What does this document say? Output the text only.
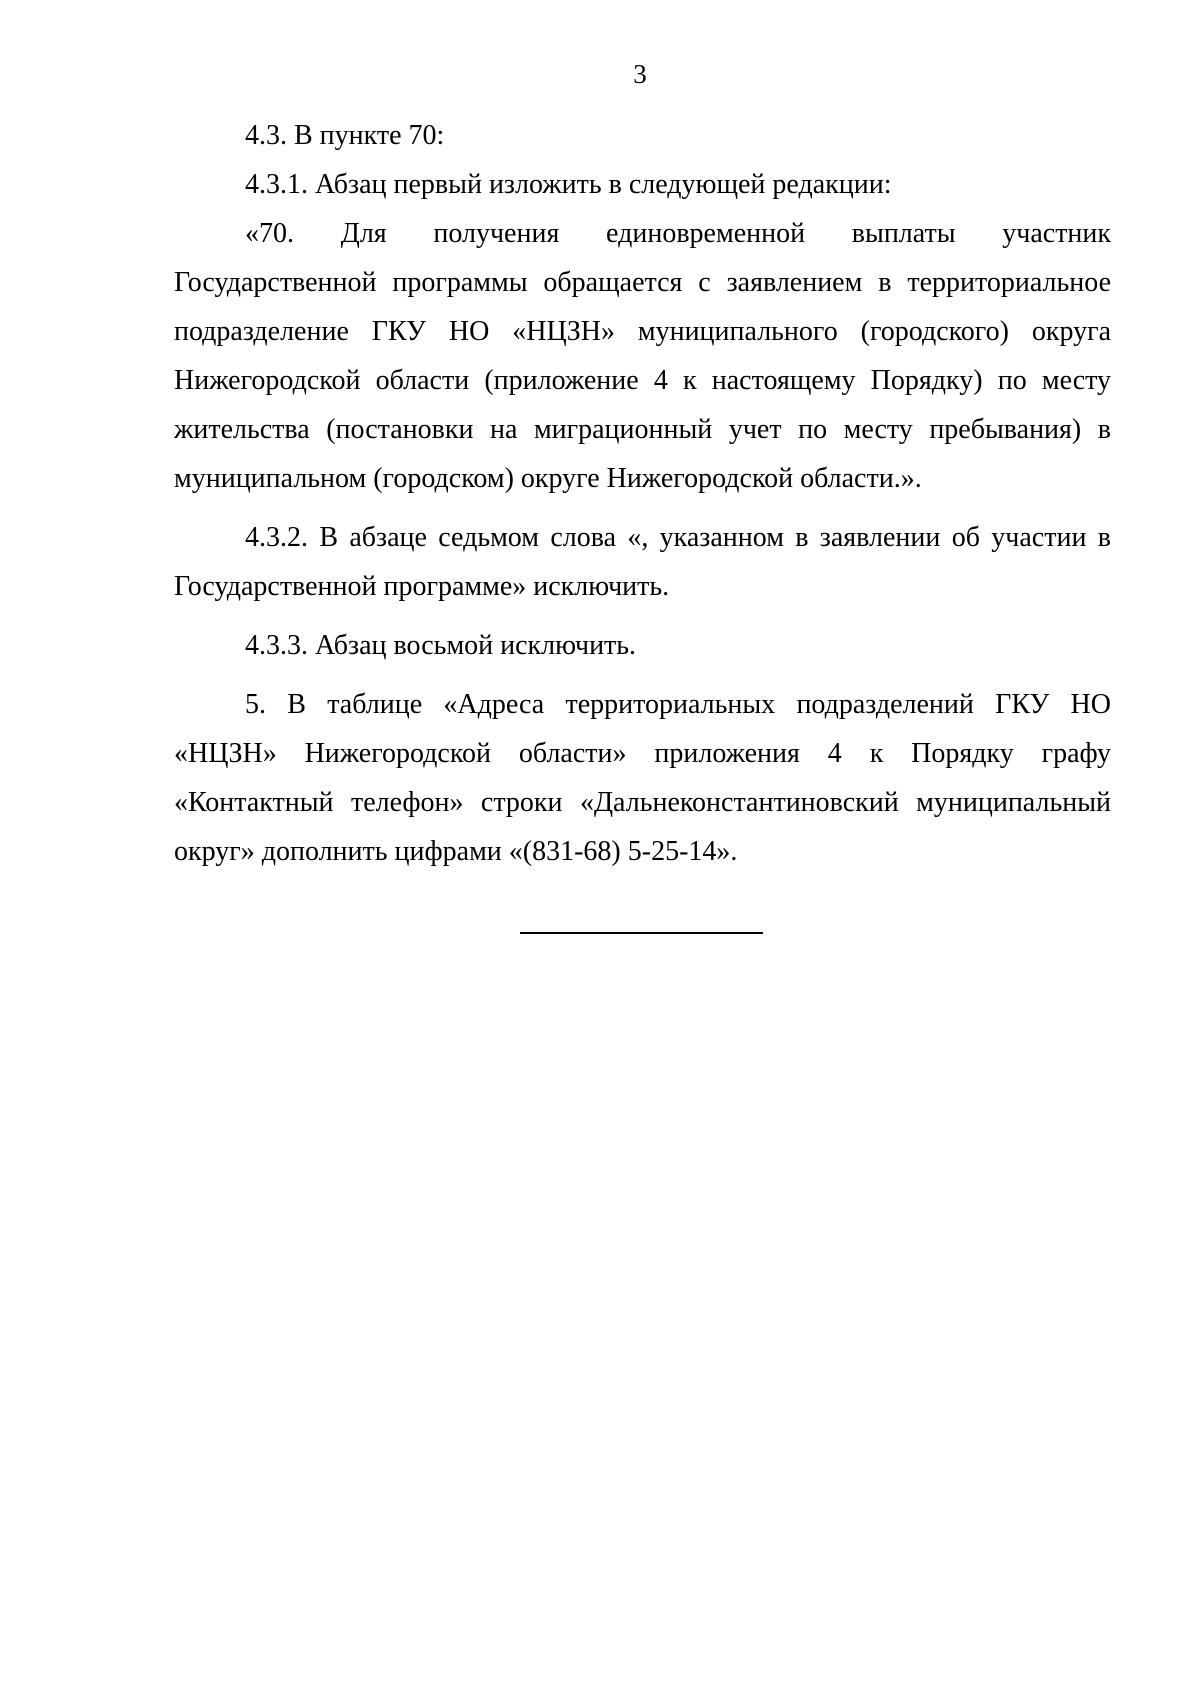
3

4.3. В пункте 70:

4.3.1. Абзац первый изложить в следующей редакции:

«70. Для получения единовременной выплаты участник Государственной программы обращается с заявлением в территориальное подразделение ГКУ НО «НЦЗН» муниципального (городского) округа Нижегородской области (приложение 4 к настоящему Порядку) по месту жительства (постановки на миграционный учет по месту пребывания) в муниципальном (городском) округе Нижегородской области.».

4.3.2. В абзаце седьмом слова «, указанном в заявлении об участии в Государственной программе» исключить.

4.3.3. Абзац восьмой исключить.

5. В таблице «Адреса территориальных подразделений ГКУ НО «НЦЗН» Нижегородской области» приложения 4 к Порядку графу «Контактный телефон» строки «Дальнеконстантиновский муниципальный округ» дополнить цифрами «(831-68) 5-25-14».
